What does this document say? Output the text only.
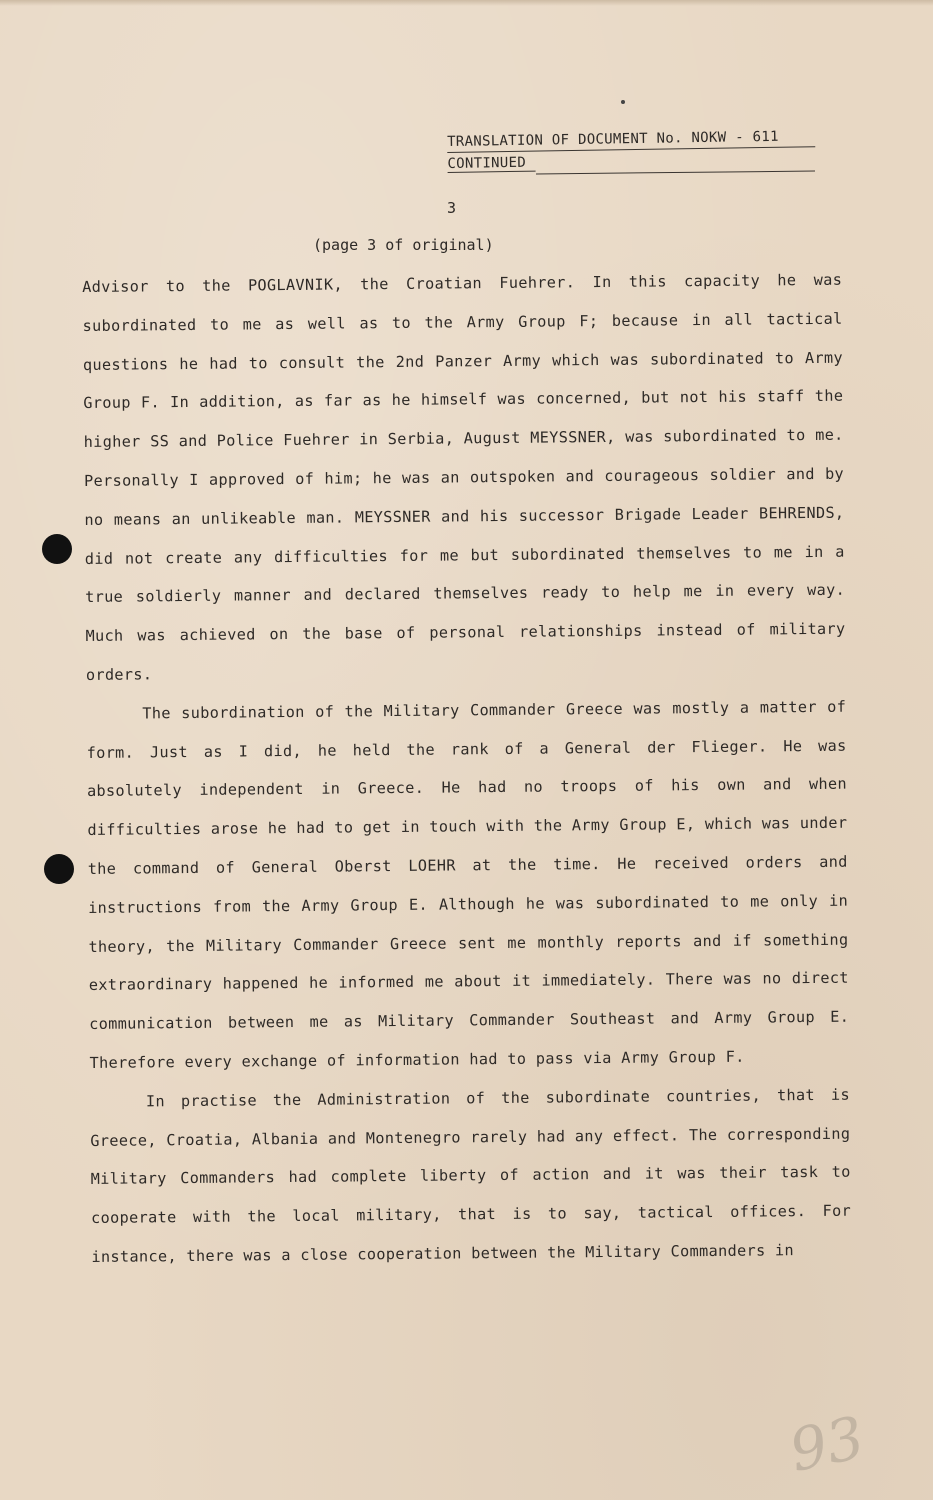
TRANSLATION OF DOCUMENT No. NOKW - 611
CONTINUED
3
(page 3 of original)

Advisor to the POGLAVNIK, the Croatian Fuehrer. In this capacity he was subordinated to me as well as to the Army Group F; because in all tactical questions he had to consult the 2nd Panzer Army which was subordinated to Army Group F. In addition, as far as he himself was concerned, but not his staff the higher SS and Police Fuehrer in Serbia, August MEYSSNER, was subordinated to me. Personally I approved of him; he was an outspoken and courageous soldier and by no means an unlikeable man. MEYSSNER and his successor Brigade Leader BEHRENDS, did not create any difficulties for me but subordinated themselves to me in a true soldierly manner and declared themselves ready to help me in every way. Much was achieved on the base of personal relationships instead of military orders.

The subordination of the Military Commander Greece was mostly a matter of form. Just as I did, he held the rank of a General der Flieger. He was absolutely independent in Greece. He had no troops of his own and when difficulties arose he had to get in touch with the Army Group E, which was under the command of General Oberst LOEHR at the time. He received orders and instructions from the Army Group E. Although he was subordinated to me only in theory, the Military Commander Greece sent me monthly reports and if something extraordinary happened he informed me about it immediately. There was no direct communication between me as Military Commander Southeast and Army Group E. Therefore every exchange of information had to pass via Army Group F.

In practise the Administration of the subordinate countries, that is Greece, Croatia, Albania and Montenegro rarely had any effect. The corresponding Military Commanders had complete liberty of action and it was their task to cooperate with the local military, that is to say, tactical offices. For instance, there was a close cooperation between the Military Commanders in

93
